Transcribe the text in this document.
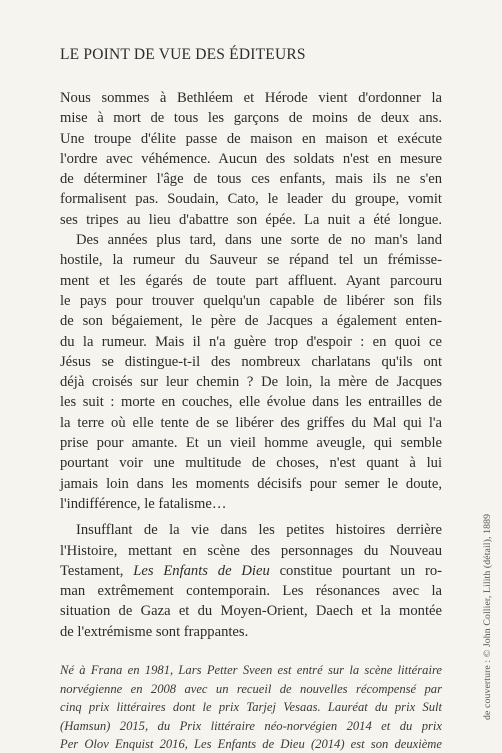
LE POINT DE VUE DES ÉDITEURS
Nous sommes à Bethléem et Hérode vient d'ordonner la
mise à mort de tous les garçons de moins de deux ans.
Une troupe d'élite passe de maison en maison et exécute
l'ordre avec véhémence. Aucun des soldats n'est en mesure
de déterminer l'âge de tous ces enfants, mais ils ne s'en
formalisent pas. Soudain, Cato, le leader du groupe, vomit
ses tripes au lieu d'abattre son épée. La nuit a été longue.
Des années plus tard, dans une sorte de no man's land
hostile, la rumeur du Sauveur se répand tel un frémisse-
ment et les égarés de toute part affluent. Ayant parcouru
le pays pour trouver quelqu'un capable de libérer son fils
de son bégaiement, le père de Jacques a également enten-
du la rumeur. Mais il n'a guère trop d'espoir : en quoi ce
Jésus se distingue-t-il des nombreux charlatans qu'ils ont
déjà croisés sur leur chemin ? De loin, la mère de Jacques
les suit : morte en couches, elle évolue dans les entrailles de
la terre où elle tente de se libérer des griffes du Mal qui l'a
prise pour amante. Et un vieil homme aveugle, qui semble
pourtant voir une multitude de choses, n'est quant à lui
jamais loin dans les moments décisifs pour semer le doute,
l'indifférence, le fatalisme…
Insufflant de la vie dans les petites histoires derrière
l'Histoire, mettant en scène des personnages du Nouveau
Testament, Les Enfants de Dieu constitue pourtant un ro-
man extrêmement contemporain. Les résonances avec la
situation de Gaza et du Moyen-Orient, Daech et la montée
de l'extrémisme sont frappantes.
Né à Frana en 1981, Lars Petter Sveen est entré sur la scène littéraire
norvégienne en 2008 avec un recueil de nouvelles récompensé par
cinq prix littéraires dont le prix Tarjej Vesaas. Lauréat du prix Sult
(Hamsun) 2015, du Prix littéraire néo-norvégien 2014 et du prix
Per Olov Enquist 2016, Les Enfants de Dieu (2014) est son deuxième
de couverture : © John Collier, Lilith (détail), 1889
